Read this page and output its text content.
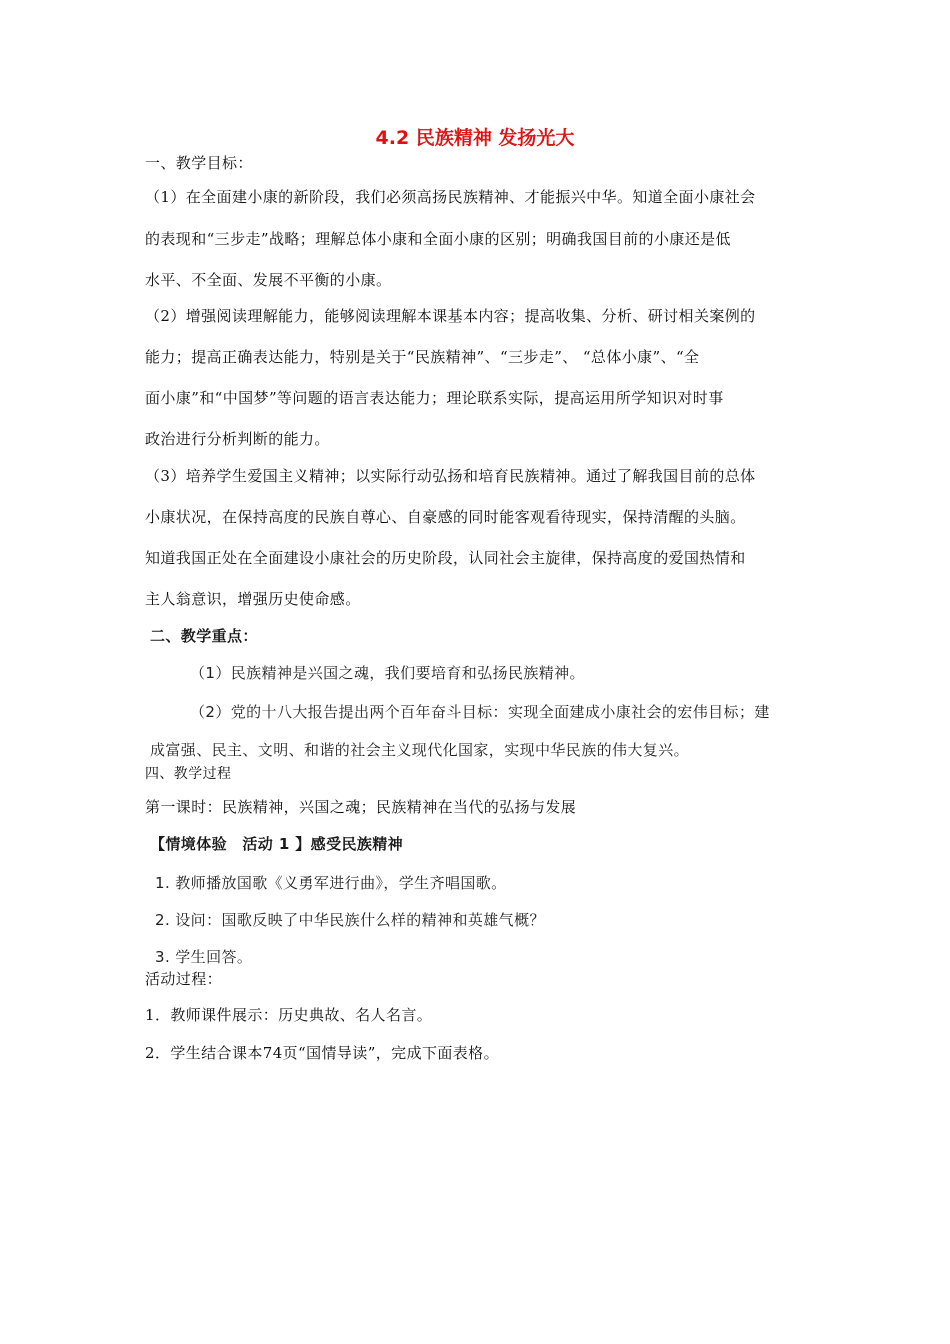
4.2 民族精神 发扬光大
一、教学目标：
（1）在全面建小康的新阶段，我们必须高扬民族精神、才能振兴中华。知道全面小康社会
的表现和“三步走”战略；理解总体小康和全面小康的区别；明确我国目前的小康还是低
水平、不全面、发展不平衡的小康。
（2）增强阅读理解能力，能够阅读理解本课基本内容；提高收集、分析、研讨相关案例的
能力；提高正确表达能力，特别是关于“民族精神”、“三步走”、 “总体小康”、“全
面小康”和“中国梦”等问题的语言表达能力；理论联系实际，提高运用所学知识对时事
政治进行分析判断的能力。
（3）培养学生爱国主义精神；以实际行动弘扬和培育民族精神。通过了解我国目前的总体
小康状况，在保持高度的民族自尊心、自豪感的同时能客观看待现实，保持清醒的头脑。
知道我国正处在全面建设小康社会的历史阶段，认同社会主旋律，保持高度的爱国热情和
主人翁意识，增强历史使命感。
二、教学重点：
（1）民族精神是兴国之魂，我们要培育和弘扬民族精神。
（2）党的十八大报告提出两个百年奋斗目标：实现全面建成小康社会的宏伟目标；建
成富强、民主、文明、和谐的社会主义现代化国家，实现中华民族的伟大复兴。
四、教学过程
第一课时：民族精神，兴国之魂；民族精神在当代的弘扬与发展
【情境体验　活动 1 】感受民族精神
1. 教师播放国歌《义勇军进行曲》，学生齐唱国歌。
2. 设问：国歌反映了中华民族什么样的精神和英雄气概？
3. 学生回答。
活动过程：
1．教师课件展示：历史典故、名人名言。
2．学生结合课本74页“国情导读”，完成下面表格。
